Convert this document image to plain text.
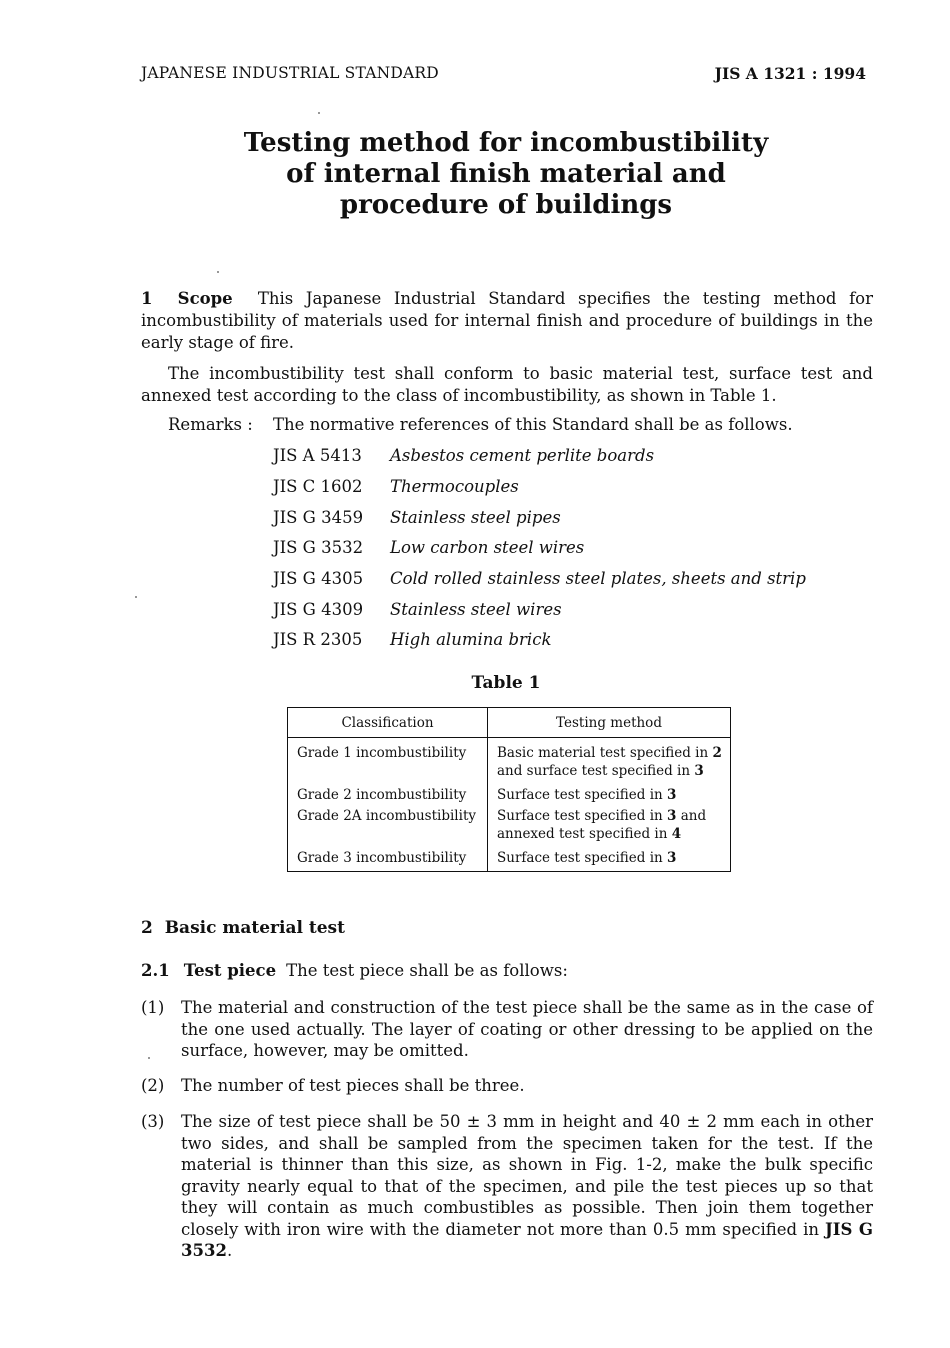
JAPANESE INDUSTRIAL STANDARD	JIS A 1321 : 1994
Testing method for incombustibility
of internal finish material and
procedure of buildings
1 Scope This Japanese Industrial Standard specifies the testing method for incombustibility of materials used for internal finish and procedure of buildings in the early stage of fire.
The incombustibility test shall conform to basic material test, surface test and annexed test according to the class of incombustibility, as shown in Table 1.
Remarks : The normative references of this Standard shall be as follows.
JIS A 5413 Asbestos cement perlite boards
JIS C 1602 Thermocouples
JIS G 3459 Stainless steel pipes
JIS G 3532 Low carbon steel wires
JIS G 4305 Cold rolled stainless steel plates, sheets and strip
JIS G 4309 Stainless steel wires
JIS R 2305 High alumina brick
Table 1
Classification	Testing method
Grade 1 incombustibility	Basic material test specified in 2 and surface test specified in 3
Grade 2 incombustibility	Surface test specified in 3
Grade 2A incombustibility	Surface test specified in 3 and annexed test specified in 4
Grade 3 incombustibility	Surface test specified in 3
2 Basic material test
2.1 Test piece The test piece shall be as follows:
(1) The material and construction of the test piece shall be the same as in the case of the one used actually. The layer of coating or other dressing to be applied on the surface, however, may be omitted.
(2) The number of test pieces shall be three.
(3) The size of test piece shall be 50 ± 3 mm in height and 40 ± 2 mm each in other two sides, and shall be sampled from the specimen taken for the test. If the material is thinner than this size, as shown in Fig. 1-2, make the bulk specific gravity nearly equal to that of the specimen, and pile the test pieces up so that they will contain as much combustibles as possible. Then join them together closely with iron wire with the diameter not more than 0.5 mm specified in JIS G 3532.
